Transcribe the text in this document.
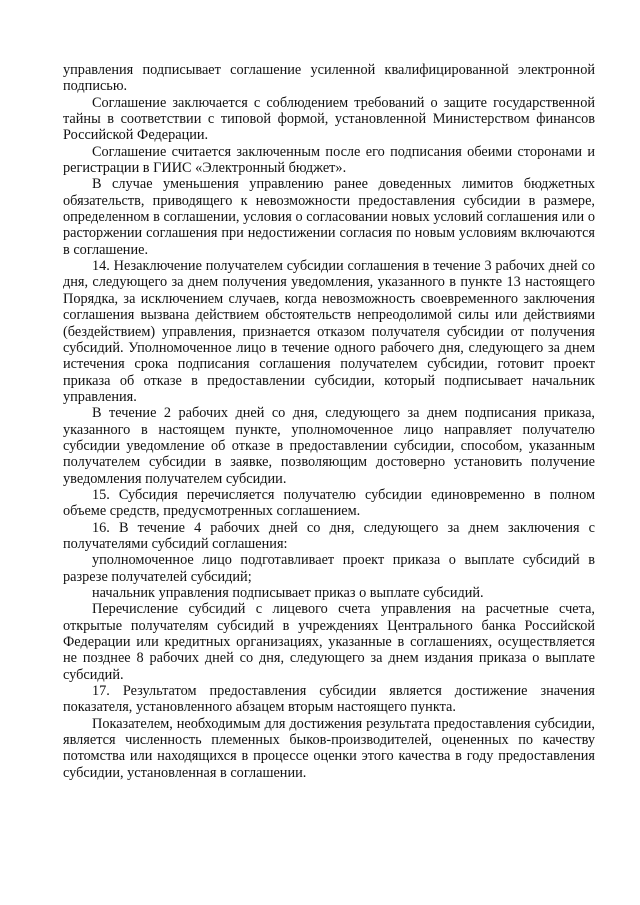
управления подписывает соглашение усиленной квалифицированной электронной подписью.

Соглашение заключается с соблюдением требований о защите государственной тайны в соответствии с типовой формой, установленной Министерством финансов Российской Федерации.

Соглашение считается заключенным после его подписания обеими сторонами и регистрации в ГИИС «Электронный бюджет».

В случае уменьшения управлению ранее доведенных лимитов бюджетных обязательств, приводящего к невозможности предоставления субсидии в размере, определенном в соглашении, условия о согласовании новых условий соглашения или о расторжении соглашения при недостижении согласия по новым условиям включаются в соглашение.

14. Незаключение получателем субсидии соглашения в течение 3 рабочих дней со дня, следующего за днем получения уведомления, указанного в пункте 13 настоящего Порядка, за исключением случаев, когда невозможность своевременного заключения соглашения вызвана действием обстоятельств непреодолимой силы или действиями (бездействием) управления, признается отказом получателя субсидии от получения субсидий. Уполномоченное лицо в течение одного рабочего дня, следующего за днем истечения срока подписания соглашения получателем субсидии, готовит проект приказа об отказе в предоставлении субсидии, который подписывает начальник управления.

В течение 2 рабочих дней со дня, следующего за днем подписания приказа, указанного в настоящем пункте, уполномоченное лицо направляет получателю субсидии уведомление об отказе в предоставлении субсидии, способом, указанным получателем субсидии в заявке, позволяющим достоверно установить получение уведомления получателем субсидии.

15. Субсидия перечисляется получателю субсидии единовременно в полном объеме средств, предусмотренных соглашением.

16. В течение 4 рабочих дней со дня, следующего за днем заключения с получателями субсидий соглашения:

уполномоченное лицо подготавливает проект приказа о выплате субсидий в разрезе получателей субсидий;

начальник управления подписывает приказ о выплате субсидий.

Перечисление субсидий с лицевого счета управления на расчетные счета, открытые получателям субсидий в учреждениях Центрального банка Российской Федерации или кредитных организациях, указанные в соглашениях, осуществляется не позднее 8 рабочих дней со дня, следующего за днем издания приказа о выплате субсидий.

17. Результатом предоставления субсидии является достижение значения показателя, установленного абзацем вторым настоящего пункта.

Показателем, необходимым для достижения результата предоставления субсидии, является численность племенных быков-производителей, оцененных по качеству потомства или находящихся в процессе оценки этого качества в году предоставления субсидии, установленная в соглашении.
